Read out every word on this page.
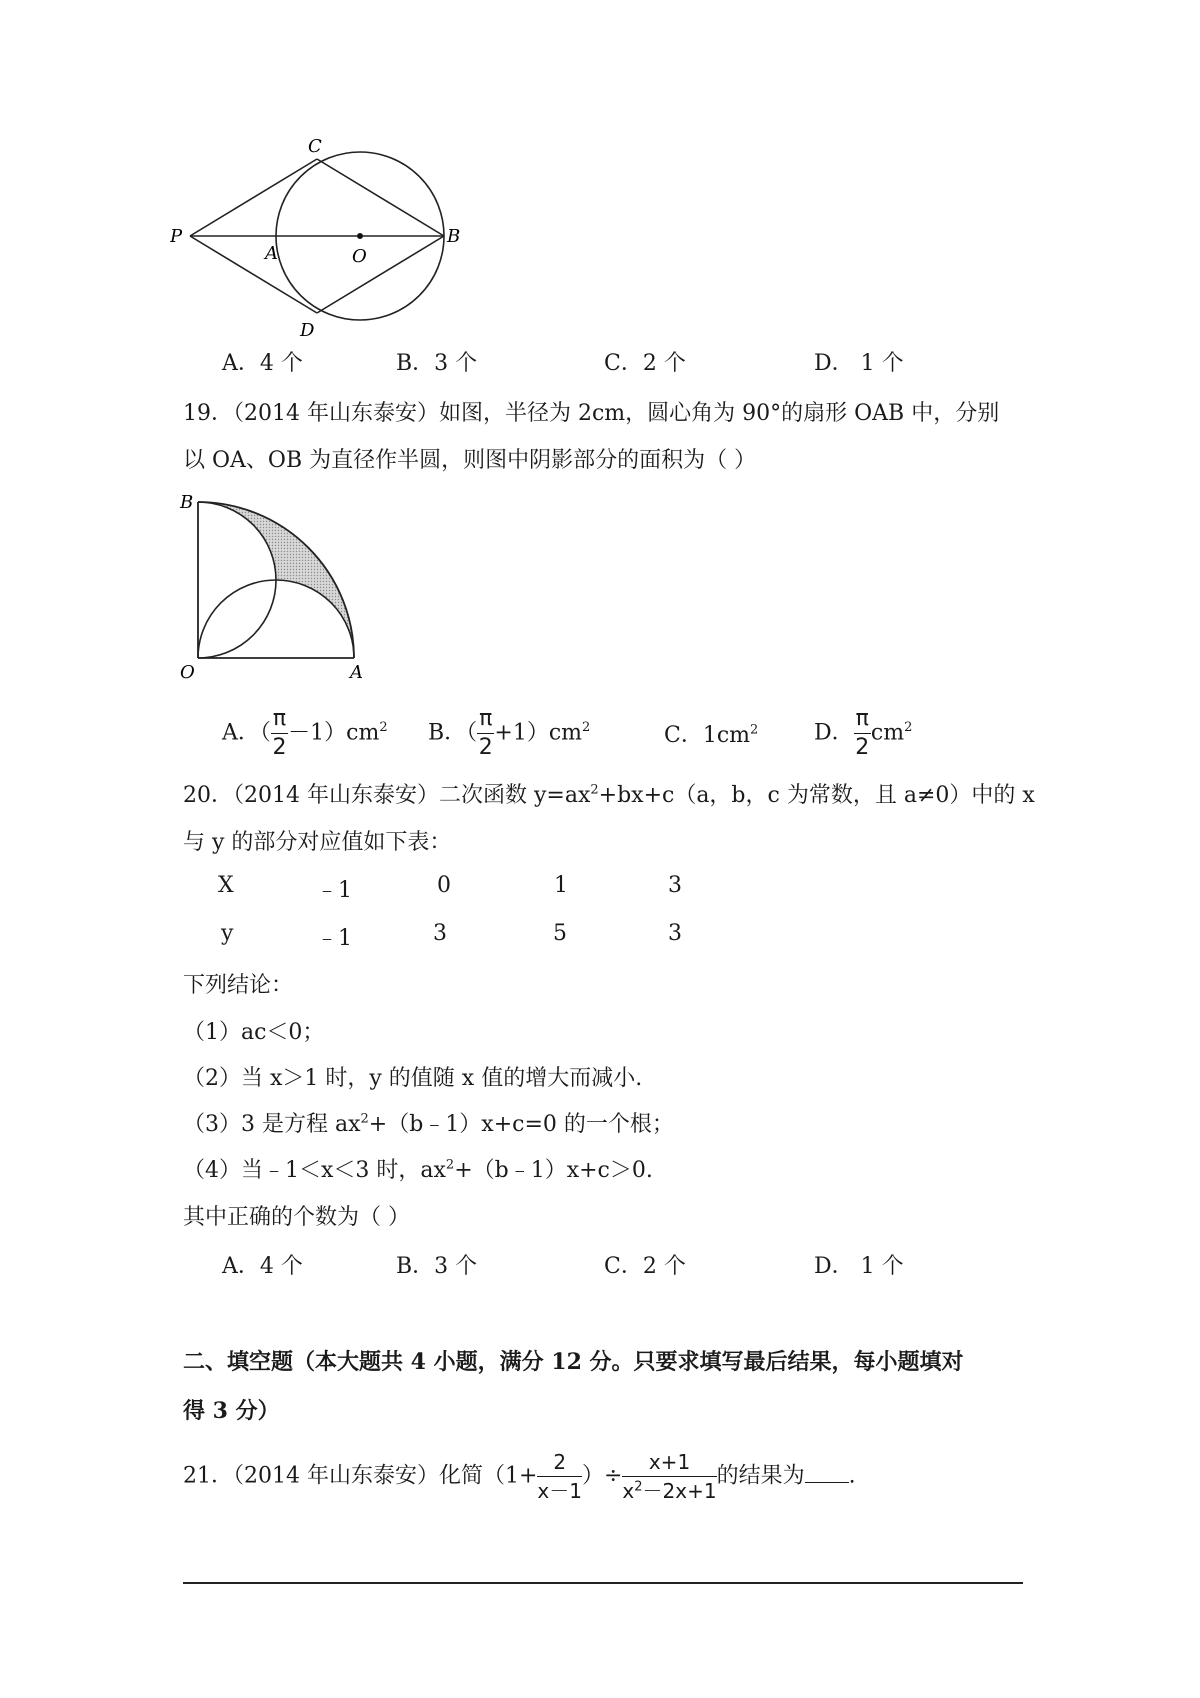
C
P
A	O
B
D
A．4 个	B．3 个	C．2 个	D． 1 个
19．（2014 年山东泰安）如图，半径为 2cm，圆心角为 90°的扇形 OAB 中，分别
以 OA、OB 为直径作半圆，则图中阴影部分的面积为（ ）
B
O	A
A．（ $\frac{\pi}{2} -1)cm^2$ B．（ $\frac{\pi}{2} +1)cm^2$	C．$1cm^2$	D． $\frac{\pi}{2} cm^2$
20．（2014 年山东泰安）二次函数 $y=ax^2+bx+c(a$，b，c 为常数，且 a≠0）中的 x
与 y 的部分对应值如下表：
X	﹣1	0	1	3
y	﹣1	3	5	3
下列结论：
（1）ac＜0；
（2）当 x＞1 时，y 的值随 x 值的增大而减小.
（3）3 是方程 $ax^2+(b﹣1)x+c=0$ 的一个根；
（4）当﹣1＜x＜3 时，$ax^2+(b﹣1)x+c>0$.
其中正确的个数为（ ）
A．4 个	B．3 个	C．2 个	D． 1 个
二、填空题（本大题共 4 小题，满分 12 分。只要求填写最后结果，每小题填对
得 3 分）
21．（2014 年山东泰安）化简（$1+ \frac{2}{x-1}$ ）÷ $\frac{x+1}{x^2-2x+1}$ 的结果为 .
